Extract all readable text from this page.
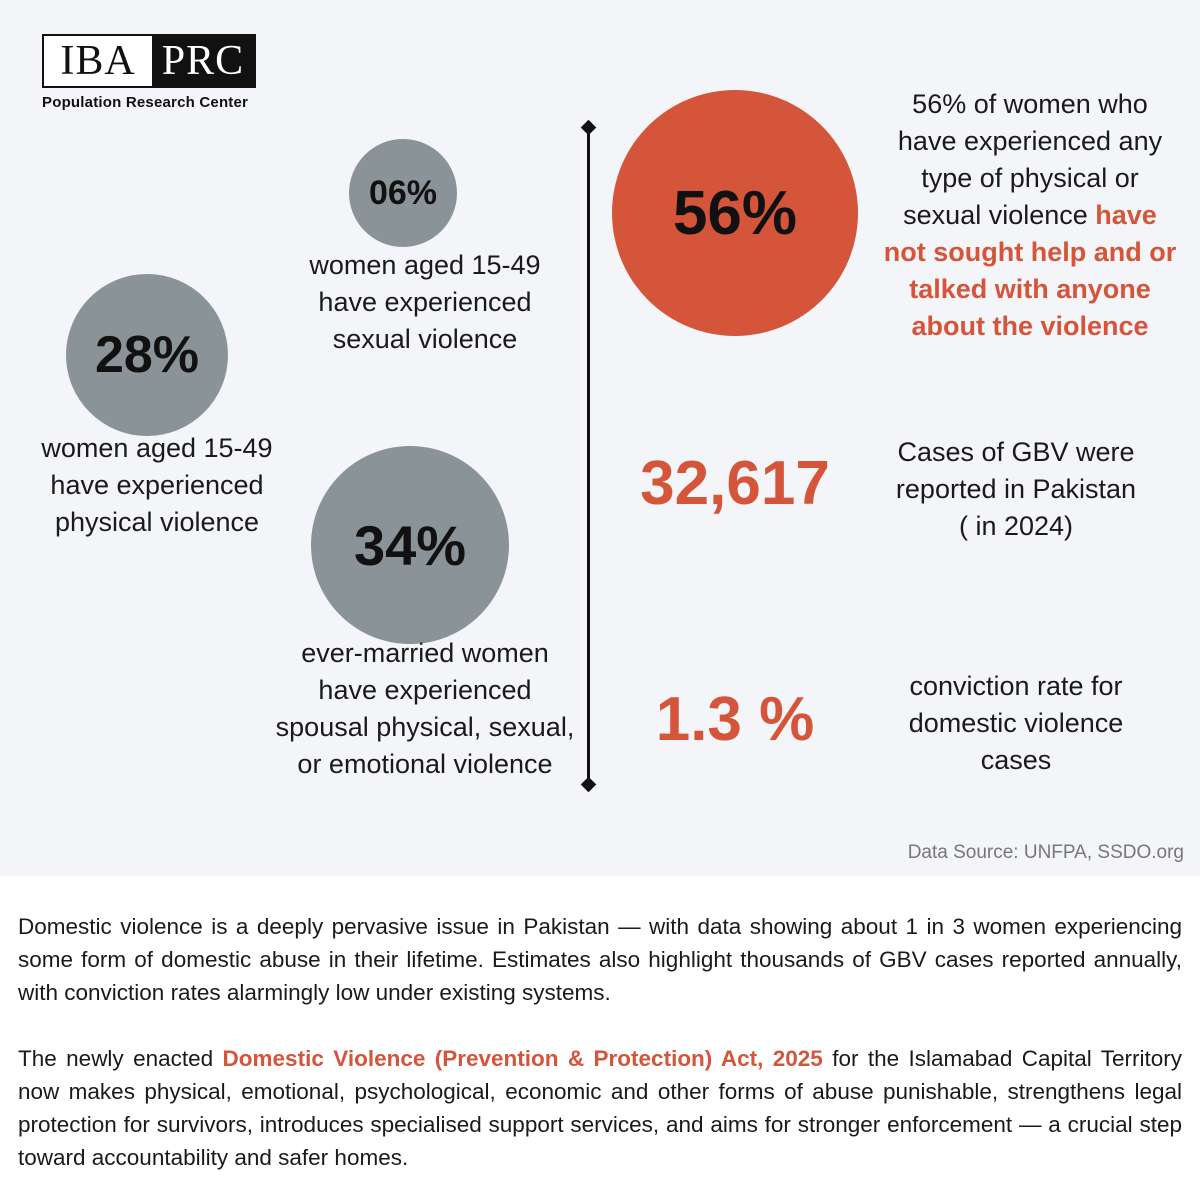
IBA PRC
Population Research Center
06%
women aged 15-49
have experienced
sexual violence
28%
women aged 15-49
have experienced
physical violence	34%
ever-married women
have experienced
spousal physical, sexual,
or emotional violence
56%
56% of women who
have experienced any
type of physical or
sexual violence have
not sought help and or
talked with anyone
about the violence
32,617	Cases of GBV were
reported in Pakistan
( in 2024)
1.3 %	conviction rate for
domestic violence
cases
Data Source: UNFPA, SSDO.org

Domestic violence is a deeply pervasive issue in Pakistan — with data showing about 1 in 3 women experiencing some form of domestic abuse in their lifetime. Estimates also highlight thousands of GBV cases reported annually, with conviction rates alarmingly low under existing systems.

The newly enacted Domestic Violence (Prevention & Protection) Act, 2025 for the Islamabad Capital Territory now makes physical, emotional, psychological, economic and other forms of abuse punishable, strengthens legal protection for survivors, introduces specialised support services, and aims for stronger enforcement — a crucial step toward accountability and safer homes.
